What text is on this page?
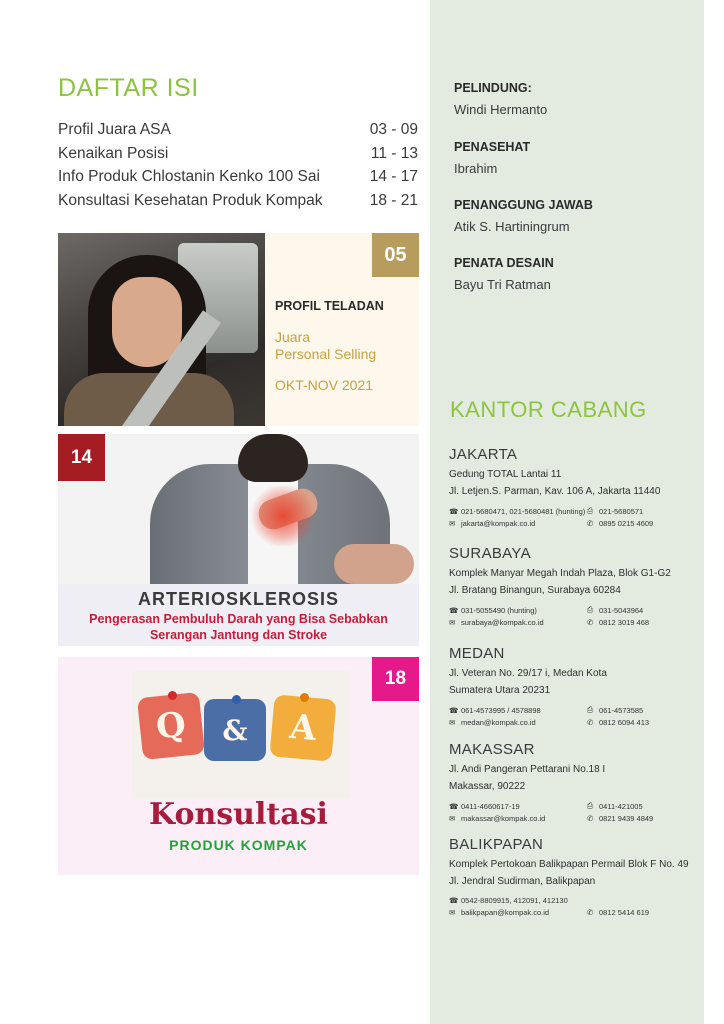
DAFTAR ISI
Profil Juara ASA	03 - 09
Kenaikan Posisi	11 - 13
Info Produk Chlostanin Kenko 100 Sai	14 - 17
Konsultasi Kesehatan Produk Kompak	18 - 21
05
PROFIL TELADAN
Juara
Personal Selling
OKT-NOV 2021
14
ARTERIOSKLEROSIS
Pengerasan Pembuluh Darah yang Bisa Sebabkan
Serangan Jantung dan Stroke
18
Q	&	A
Konsultasi
PRODUK KOMPAK
PELINDUNG:
Windi Hermanto
PENASEHAT
Ibrahim
PENANGGUNG JAWAB
Atik S. Hartiningrum
PENATA DESAIN
Bayu Tri Ratman
KANTOR CABANG
JAKARTA
Gedung TOTAL Lantai 11
Jl. Letjen.S. Parman, Kav. 106 A, Jakarta 11440
☎ 021-5680471, 021-5680481 (hunting) ⎙ 021-5680571
✉ jakarta@kompak.co.id	✆ 0895 0215 4609
SURABAYA
Komplek Manyar Megah Indah Plaza, Blok G1-G2
Jl. Bratang Binangun, Surabaya 60284
☎ 031-5055490 (hunting)	⎙ 031-5043964
✉ surabaya@kompak.co.id	✆ 0812 3019 468
MEDAN
Jl. Veteran No. 29/17 i, Medan Kota
Sumatera Utara 20231
☎ 061-4573995 / 4578898	⎙ 061-4573585
✉ medan@kompak.co.id	✆ 0812 6094 413
MAKASSAR
Jl. Andi Pangeran Pettarani No.18 I
Makassar, 90222
☎ 0411-4660617-19	⎙ 0411-421005
✉ makassar@kompak.co.id	✆ 0821 9439 4849
BALIKPAPAN
Komplek Pertokoan Balikpapan Permail Blok F No. 49
Jl. Jendral Sudirman, Balikpapan
☎ 0542-8809915, 412091, 412130
✉ balikpapan@kompak.co.id	✆ 0812 5414 619
